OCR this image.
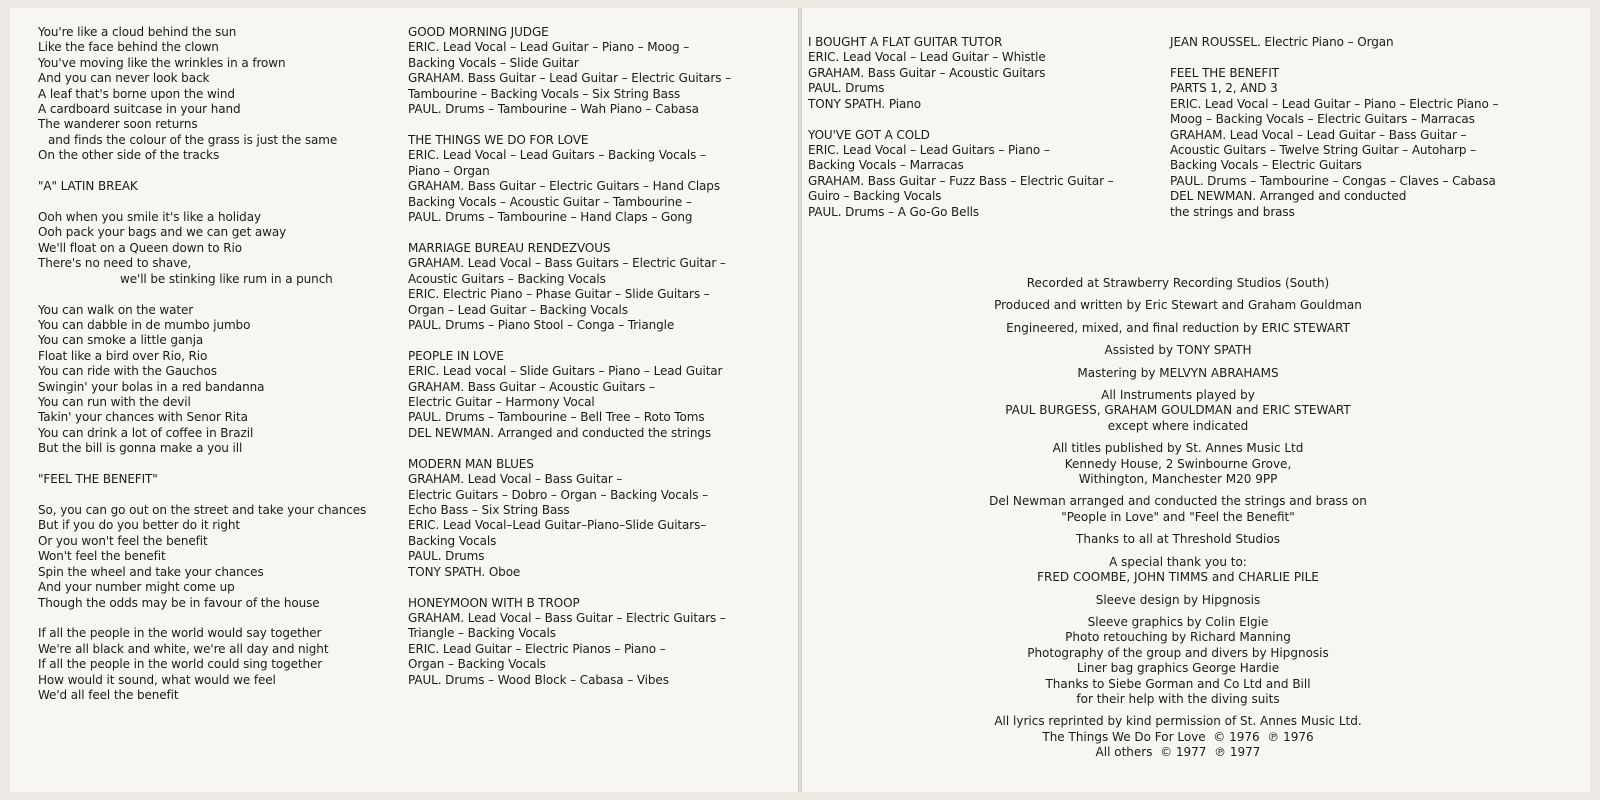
You're like a cloud behind the sun
Like the face behind the clown
You've moving like the wrinkles in a frown
And you can never look back
A leaf that's borne upon the wind
A cardboard suitcase in your hand
The wanderer soon returns
and finds the colour of the grass is just the same
On the other side of the tracks
"A" LATIN BREAK
Ooh when you smile it's like a holiday
Ooh pack your bags and we can get away
We'll float on a Queen down to Rio
There's no need to shave,
we'll be stinking like rum in a punch
You can walk on the water
You can dabble in de mumbo jumbo
You can smoke a little ganja
Float like a bird over Rio, Rio
You can ride with the Gauchos
Swingin' your bolas in a red bandanna
You can run with the devil
Takin' your chances with Senor Rita
You can drink a lot of coffee in Brazil
But the bill is gonna make a you ill
"FEEL THE BENEFIT"
So, you can go out on the street and take your chances
But if you do you better do it right
Or you won't feel the benefit
Won't feel the benefit
Spin the wheel and take your chances
And your number might come up
Though the odds may be in favour of the house
If all the people in the world would say together
We're all black and white, we're all day and night
If all the people in the world could sing together
How would it sound, what would we feel
We'd all feel the benefit
GOOD MORNING JUDGE
ERIC. Lead Vocal – Lead Guitar – Piano – Moog –
Backing Vocals – Slide Guitar
GRAHAM. Bass Guitar – Lead Guitar – Electric Guitars –
Tambourine – Backing Vocals – Six String Bass
PAUL. Drums – Tambourine – Wah Piano – Cabasa
THE THINGS WE DO FOR LOVE
ERIC. Lead Vocal – Lead Guitars – Backing Vocals –
Piano – Organ
GRAHAM. Bass Guitar – Electric Guitars – Hand Claps
Backing Vocals – Acoustic Guitar – Tambourine –
PAUL. Drums – Tambourine – Hand Claps – Gong
MARRIAGE BUREAU RENDEZVOUS
GRAHAM. Lead Vocal – Bass Guitars – Electric Guitar –
Acoustic Guitars – Backing Vocals
ERIC. Electric Piano – Phase Guitar – Slide Guitars –
Organ – Lead Guitar – Backing Vocals
PAUL. Drums – Piano Stool – Conga – Triangle
PEOPLE IN LOVE
ERIC. Lead vocal – Slide Guitars – Piano – Lead Guitar
GRAHAM. Bass Guitar – Acoustic Guitars –
Electric Guitar – Harmony Vocal
PAUL. Drums – Tambourine – Bell Tree – Roto Toms
DEL NEWMAN. Arranged and conducted the strings
MODERN MAN BLUES
GRAHAM. Lead Vocal – Bass Guitar –
Electric Guitars – Dobro – Organ – Backing Vocals –
Echo Bass – Six String Bass
ERIC. Lead Vocal–Lead Guitar–Piano–Slide Guitars–
Backing Vocals
PAUL. Drums
TONY SPATH. Oboe
HONEYMOON WITH B TROOP
GRAHAM. Lead Vocal – Bass Guitar – Electric Guitars –
Triangle – Backing Vocals
ERIC. Lead Guitar – Electric Pianos – Piano –
Organ – Backing Vocals
PAUL. Drums – Wood Block – Cabasa – Vibes
I BOUGHT A FLAT GUITAR TUTOR
ERIC. Lead Vocal – Lead Guitar – Whistle
GRAHAM. Bass Guitar – Acoustic Guitars
PAUL. Drums
TONY SPATH. Piano
YOU'VE GOT A COLD
ERIC. Lead Vocal – Lead Guitars – Piano –
Backing Vocals – Marracas
GRAHAM. Bass Guitar – Fuzz Bass – Electric Guitar –
Guiro – Backing Vocals
PAUL. Drums – A Go-Go Bells
JEAN ROUSSEL. Electric Piano – Organ
FEEL THE BENEFIT
PARTS 1, 2, AND 3
ERIC. Lead Vocal – Lead Guitar – Piano – Electric Piano –
Moog – Backing Vocals – Electric Guitars – Marracas
GRAHAM. Lead Vocal – Lead Guitar – Bass Guitar –
Acoustic Guitars – Twelve String Guitar – Autoharp –
Backing Vocals – Electric Guitars
PAUL. Drums – Tambourine – Congas – Claves – Cabasa
DEL NEWMAN. Arranged and conducted
the strings and brass
Recorded at Strawberry Recording Studios (South)
Produced and written by Eric Stewart and Graham Gouldman
Engineered, mixed, and final reduction by ERIC STEWART
Assisted by TONY SPATH
Mastering by MELVYN ABRAHAMS
All Instruments played by
PAUL BURGESS, GRAHAM GOULDMAN and ERIC STEWART
except where indicated
All titles published by St. Annes Music Ltd
Kennedy House, 2 Swinbourne Grove,
Withington, Manchester M20 9PP
Del Newman arranged and conducted the strings and brass on
"People in Love" and "Feel the Benefit"
Thanks to all at Threshold Studios
A special thank you to:
FRED COOMBE, JOHN TIMMS and CHARLIE PILE
Sleeve design by Hipgnosis
Sleeve graphics by Colin Elgie
Photo retouching by Richard Manning
Photography of the group and divers by Hipgnosis
Liner bag graphics George Hardie
Thanks to Siebe Gorman and Co Ltd and Bill
for their help with the diving suits
All lyrics reprinted by kind permission of St. Annes Music Ltd.
The Things We Do For Love  © 1976  ℗ 1976
All others  © 1977  ℗ 1977
